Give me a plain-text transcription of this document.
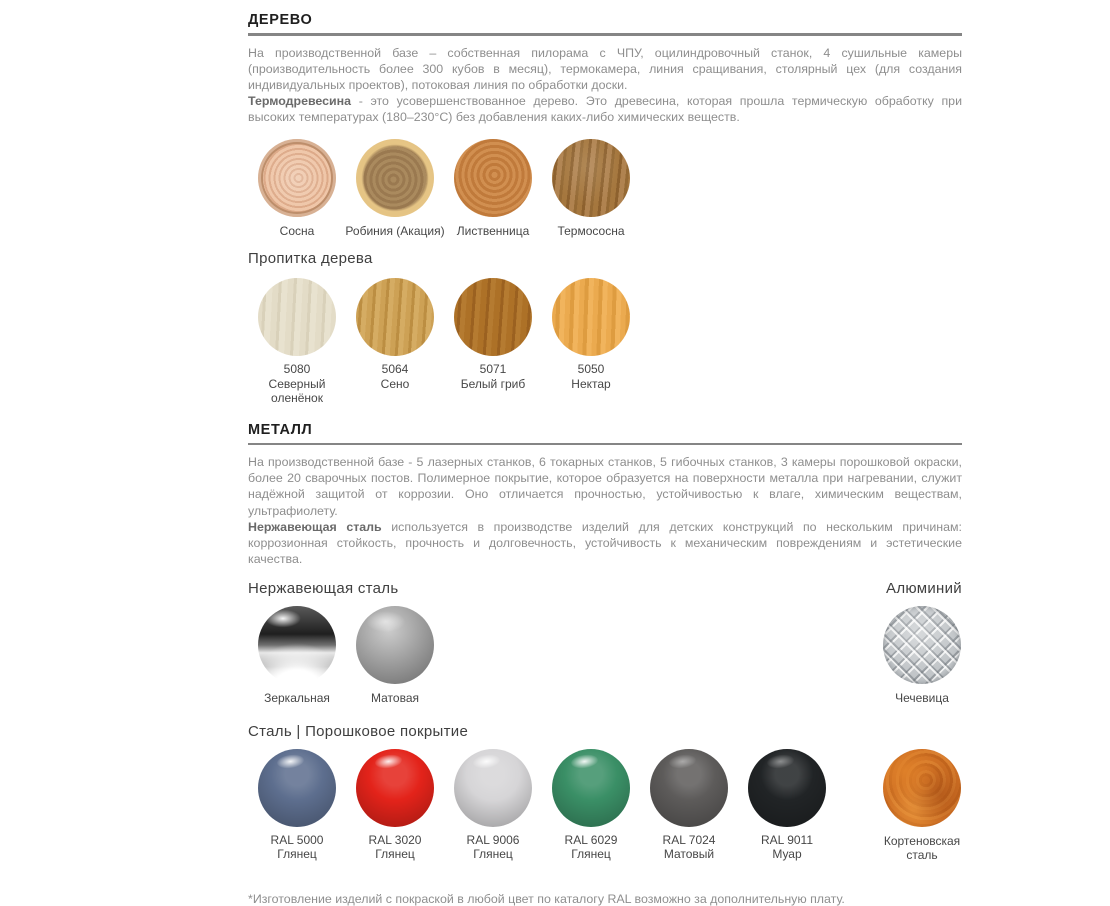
ДЕРЕВО

На производственной базе – собственная пилорама с ЧПУ, оцилиндровочный станок, 4 сушильные камеры (производительность более 300 кубов в месяц), термокамера, линия сращивания, столярный цех (для создания индивидуальных проектов), потоковая линия по обработки доски.

Термодревесина - это усовершенствованное дерево. Это древесина, которая прошла термическую обработку при высоких температурах (180–230°С) без добавления каких-либо химических веществ.

Сосна	Робиния (Акация) Лиственница Термососна
Пропитка дерева
5080
Северный оленёнок
5064
Сено
5071
Белый гриб
5050
Нектар
МЕТАЛЛ

На производственной базе - 5 лазерных станков, 6 токарных станков, 5 гибочных станков, 3 камеры порошковой окраски, более 20 сварочных постов. Полимерное покрытие, которое образуется на поверхности металла при нагревании, служит надёжной защитой от коррозии. Оно отличается прочностью, устойчивостью к влаге, химическим веществам, ультрафиолету.

Нержавеющая сталь используется в производстве изделий для детских конструкций по нескольким причинам: коррозионная стойкость, прочность и долговечность, устойчивость к механическим повреждениям и эстетические качества.

Нержавеющая сталь	Алюминий
Зеркальная	Матовая	Чечевица
Сталь | Порошковое покрытие
RAL 5000
Глянец
RAL 3020
Глянец
RAL 9006
Глянец
RAL 6029
Глянец
RAL 7024
Матовый
RAL 9011
Муар
Кортеновская сталь
*Изготовление изделий с покраской в любой цвет по каталогу RAL возможно за дополнительную плату.
